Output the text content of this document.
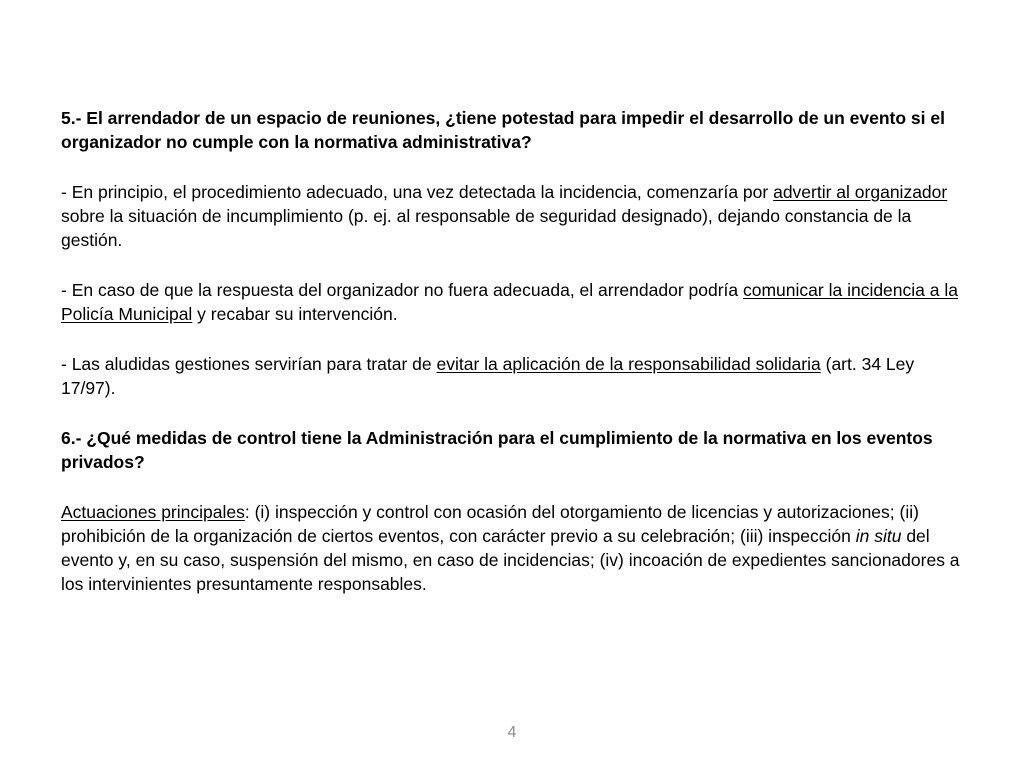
5.- El arrendador de un espacio de reuniones, ¿tiene potestad para impedir el desarrollo de un evento si el organizador no cumple con la normativa administrativa?

- En principio, el procedimiento adecuado, una vez detectada la incidencia, comenzaría por advertir al organizador sobre la situación de incumplimiento (p. ej. al responsable de seguridad designado), dejando constancia de la gestión.

- En caso de que la respuesta del organizador no fuera adecuada, el arrendador podría comunicar la incidencia a la Policía Municipal y recabar su intervención.

- Las aludidas gestiones servirían para tratar de evitar la aplicación de la responsabilidad solidaria (art. 34 Ley 17/97).

6.- ¿Qué medidas de control tiene la Administración para el cumplimiento de la normativa en los eventos privados?

Actuaciones principales: (i) inspección y control con ocasión del otorgamiento de licencias y autorizaciones; (ii) prohibición de la organización de ciertos eventos, con carácter previo a su celebración; (iii) inspección in situ del evento y, en su caso, suspensión del mismo, en caso de incidencias; (iv) incoación de expedientes sancionadores a los intervinientes presuntamente responsables.

4
